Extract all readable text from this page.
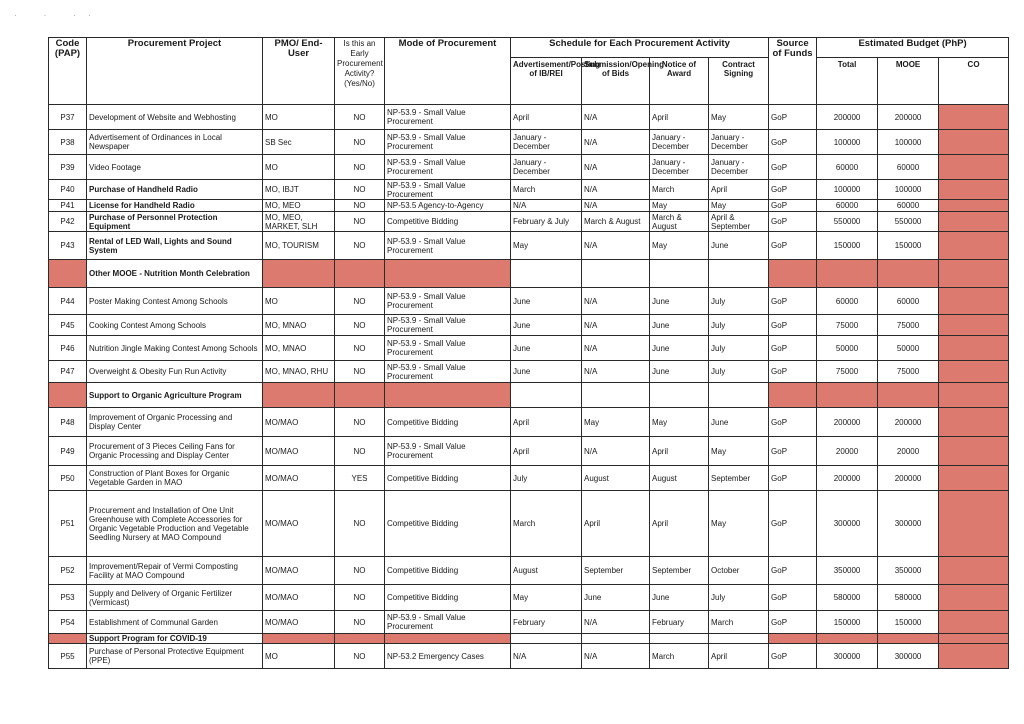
· · ··
Code (PAP)	Procurement Project	PMO/ End-User	Is this an Early Procurement Activity? (Yes/No)	Mode of Procurement	Schedule for Each Procurement Activity				Source of Funds	Estimated Budget (PhP)		
					Advertisement/Posting of IB/REI	Submission/Opening of Bids	Notice of Award	Contract Signing		Total	MOOE	CO
P37	Development of Website and Webhosting	MO	NO	NP-53.9 - Small Value Procurement	April	N/A	April	May	GoP	200000	200000	
P38	Advertisement of Ordinances in Local Newspaper	SB Sec	NO	NP-53.9 - Small Value Procurement	January - December	N/A	January - December	January - December	GoP	100000	100000	
P39	Video Footage	MO	NO	NP-53.9 - Small Value Procurement	January - December	N/A	January - December	January - December	GoP	60000	60000	
P40	Purchase of Handheld Radio	MO, IBJT	NO	NP-53.9 - Small Value Procurement	March	N/A	March	April	GoP	100000	100000	
P41	License for Handheld Radio	MO, MEO	NO	NP-53.5 Agency-to-Agency	N/A	N/A	May	May	GoP	60000	60000	
P42	Purchase of Personnel Protection Equipment	MO, MEO, MARKET, SLH	NO	Competitive Bidding	February & July	March & August	March & August	April & September	GoP	550000	550000	
P43	Rental of LED Wall, Lights and Sound System	MO, TOURISM	NO	NP-53.9 - Small Value Procurement	May	N/A	May	June	GoP	150000	150000	
	Other MOOE - Nutrition Month Celebration											
P44	Poster Making Contest Among Schools	MO	NO	NP-53.9 - Small Value Procurement	June	N/A	June	July	GoP	60000	60000	
P45	Cooking Contest Among Schools	MO, MNAO	NO	NP-53.9 - Small Value Procurement	June	N/A	June	July	GoP	75000	75000	
P46	Nutrition Jingle Making Contest Among Schools	MO, MNAO	NO	NP-53.9 - Small Value Procurement	June	N/A	June	July	GoP	50000	50000	
P47	Overweight & Obesity Fun Run Activity	MO, MNAO, RHU	NO	NP-53.9 - Small Value Procurement	June	N/A	June	July	GoP	75000	75000	
	Support to Organic Agriculture Program											
P48	Improvement of Organic Processing and Display Center	MO/MAO	NO	Competitive Bidding	April	May	May	June	GoP	200000	200000	
P49	Procurement of 3 Pieces Ceiling Fans for Organic Processing and Display Center	MO/MAO	NO	NP-53.9 - Small Value Procurement	April	N/A	April	May	GoP	20000	20000	
P50	Construction of Plant Boxes for Organic Vegetable Garden in MAO	MO/MAO	YES	Competitive Bidding	July	August	August	September	GoP	200000	200000	
P51	Procurement and Installation of One Unit Greenhouse with Complete Accessories for Organic Vegetable Production and Vegetable Seedling Nursery at MAO Compound	MO/MAO	NO	Competitive Bidding	March	April	April	May	GoP	300000	300000	
P52	Improvement/Repair of Vermi Composting Facility at MAO Compound	MO/MAO	NO	Competitive Bidding	August	September	September	October	GoP	350000	350000	
P53	Supply and Delivery of Organic Fertilizer (Vermicast)	MO/MAO	NO	Competitive Bidding	May	June	June	July	GoP	580000	580000	
P54	Establishment of Communal Garden	MO/MAO	NO	NP-53.9 - Small Value Procurement	February	N/A	February	March	GoP	150000	150000	
	Support Program for COVID-19											
P55	Purchase of Personal Protective Equipment (PPE)	MO	NO	NP-53.2 Emergency Cases	N/A	N/A	March	April	GoP	300000	300000	
